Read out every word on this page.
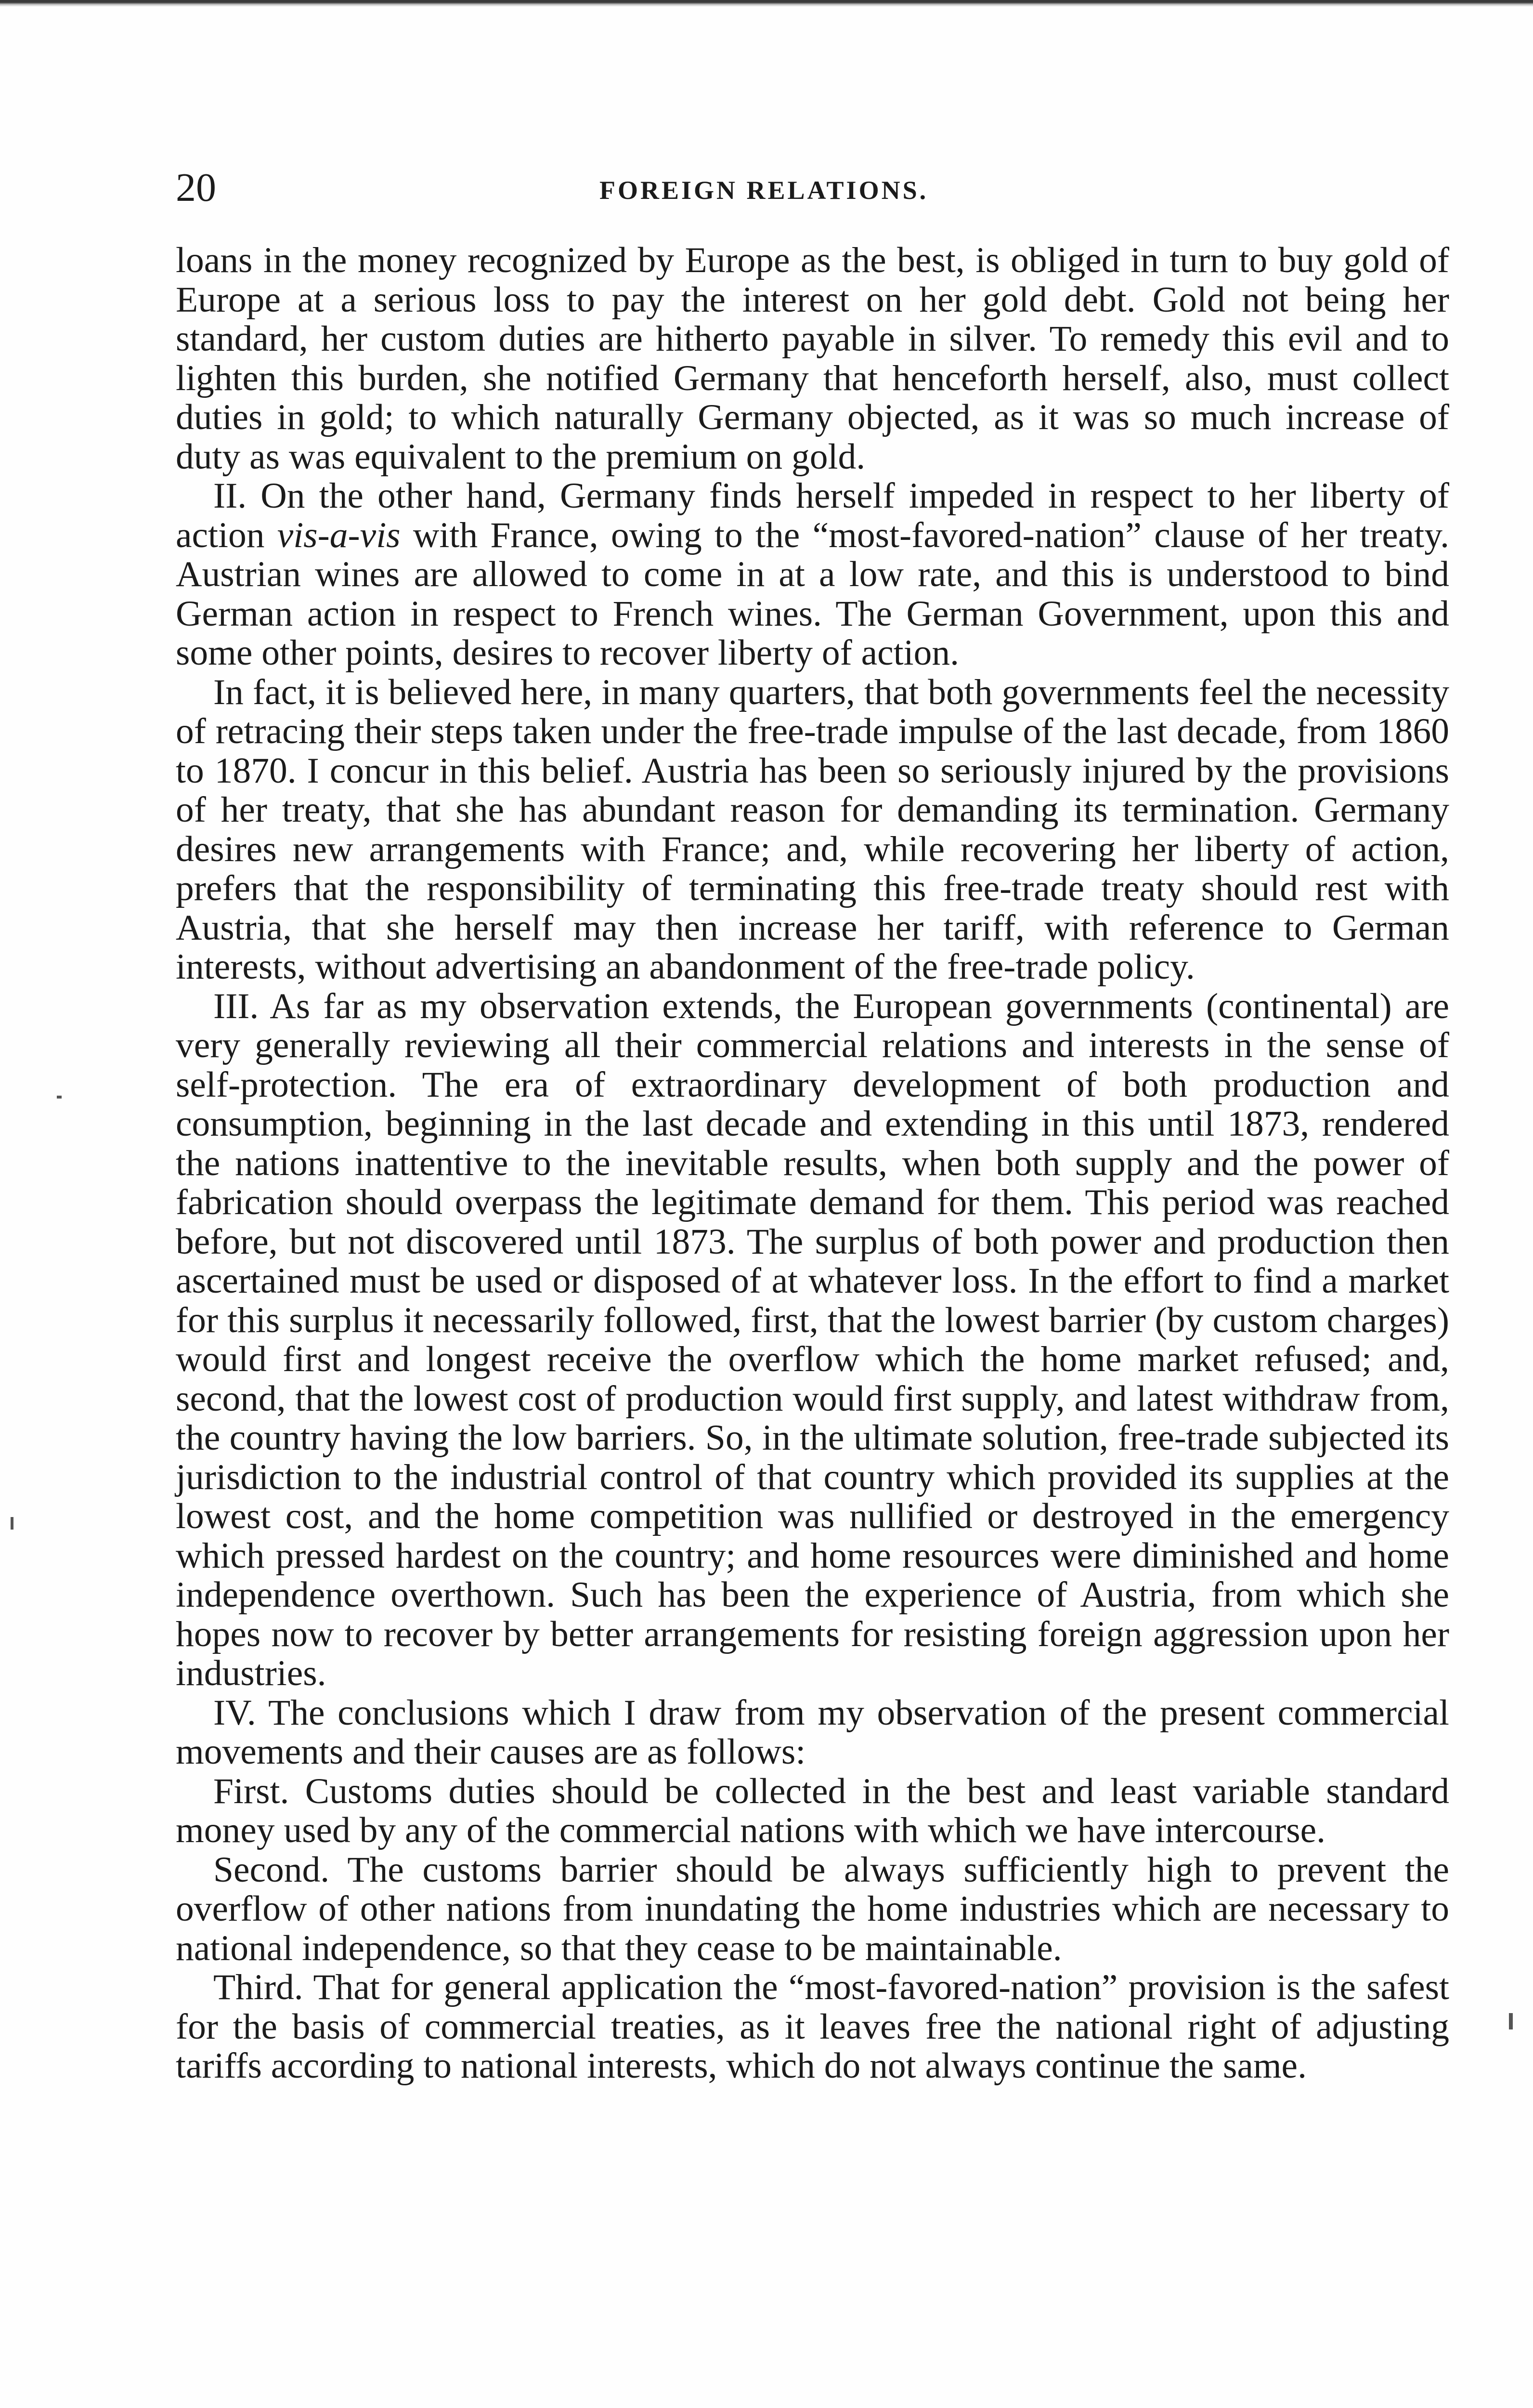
20	FOREIGN RELATIONS.

loans in the money recognized by Europe as the best, is obliged in turn to buy gold of Europe at a serious loss to pay the interest on her gold debt. Gold not being her standard, her custom duties are hitherto payable in silver. To remedy this evil and to lighten this burden, she notified Germany that henceforth herself, also, must collect duties in gold; to which naturally Germany objected, as it was so much increase of duty as was equivalent to the premium on gold.

II. On the other hand, Germany finds herself impeded in respect to her liberty of action vis-a-vis with France, owing to the “most-favored-nation” clause of her treaty. Austrian wines are allowed to come in at a low rate, and this is understood to bind German action in respect to French wines. The German Government, upon this and some other points, desires to recover liberty of action.

In fact, it is believed here, in many quarters, that both governments feel the necessity of retracing their steps taken under the free-trade impulse of the last decade, from 1860 to 1870. I concur in this belief. Austria has been so seriously injured by the provisions of her treaty, that she has abundant reason for demanding its termination. Germany desires new arrangements with France; and, while recovering her liberty of action, prefers that the responsibility of terminating this free-trade treaty should rest with Austria, that she herself may then increase her tariff, with reference to German interests, without advertising an abandonment of the free-trade policy.

III. As far as my observation extends, the European governments (continental) are very generally reviewing all their commercial relations and interests in the sense of self-protection. The era of extraordinary development of both production and consumption, beginning in the last decade and extending in this until 1873, rendered the nations inattentive to the inevitable results, when both supply and the power of fabrication should overpass the legitimate demand for them. This period was reached before, but not discovered until 1873. The surplus of both power and production then ascertained must be used or disposed of at whatever loss. In the effort to find a market for this surplus it necessarily followed, first, that the lowest barrier (by custom charges) would first and longest receive the overflow which the home market refused; and, second, that the lowest cost of production would first supply, and latest withdraw from, the country having the low barriers. So, in the ultimate solution, free-trade subjected its jurisdiction to the industrial control of that country which provided its supplies at the lowest cost, and the home competition was nullified or destroyed in the emergency which pressed hardest on the country; and home resources were diminished and home independence overthown. Such has been the experience of Austria, from which she hopes now to recover by better arrangements for resisting foreign aggression upon her industries.

IV. The conclusions which I draw from my observation of the present commercial movements and their causes are as follows:

First. Customs duties should be collected in the best and least variable standard money used by any of the commercial nations with which we have intercourse.

Second. The customs barrier should be always sufficiently high to prevent the overflow of other nations from inundating the home industries which are necessary to national independence, so that they cease to be maintainable.

Third. That for general application the “most-favored-nation” provision is the safest for the basis of commercial treaties, as it leaves free the national right of adjusting tariffs according to national interests, which do not always continue the same.
